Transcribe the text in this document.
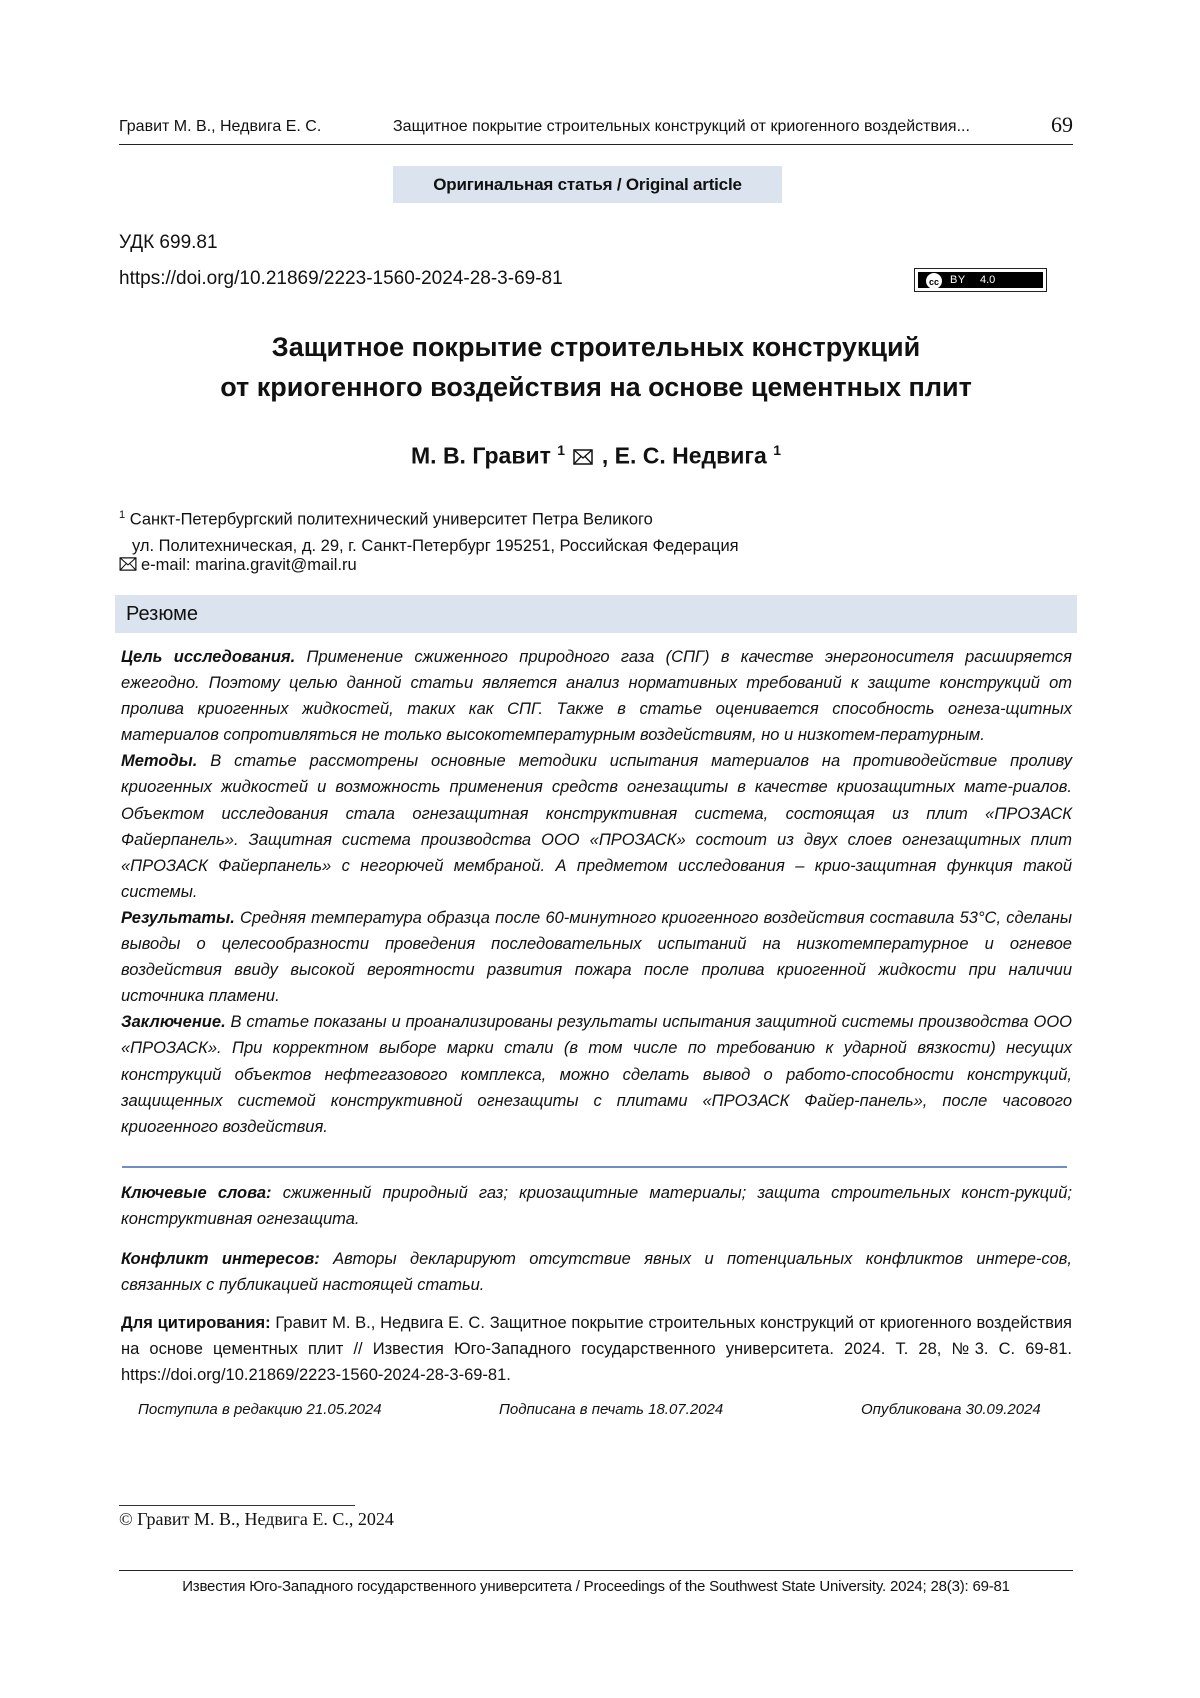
Гравит М. В., Недвига Е. С.	Защитное покрытие строительных конструкций от криогенного воздействия...	69
Оригинальная статья / Original article
УДК 699.81
https://doi.org/10.21869/2223-1560-2024-28-3-69-81	cc BY 4.0
Защитное покрытие строительных конструкций
от криогенного воздействия на основе цементных плит
М. В. Гравит $^1$ , Е. С. Недвига $^1$
$^1$ Санкт-Петербургский политехнический университет Петра Великого
ул. Политехническая, д. 29, г. Санкт-Петербург 195251, Российская Федерация
e-mail: marina.gravit@mail.ru
Резюме

Цель исследования. Применение сжиженного природного газа (СПГ) в качестве энергоносителя расширяется ежегодно. Поэтому целью данной статьи является анализ нормативных требований к защите конструкций от пролива криогенных жидкостей, таких как СПГ. Также в статье оценивается способность огнеза-щитных материалов сопротивляться не только высокотемпературным воздействиям, но и низкотем-пературным.

Методы. В статье рассмотрены основные методики испытания материалов на противодействие проливу криогенных жидкостей и возможность применения средств огнезащиты в качестве криозащитных мате-риалов. Объектом исследования стала огнезащитная конструктивная система, состоящая из плит «ПРОЗАСК Файерпанель». Защитная система производства ООО «ПРОЗАСК» состоит из двух слоев огнезащитных плит «ПРОЗАСК Файерпанель» с негорючей мембраной. А предметом исследования – крио-защитная функция такой системы.

Результаты. Средняя температура образца после 60-минутного криогенного воздействия составила 53°С, сделаны выводы о целесообразности проведения последовательных испытаний на низкотемпературное и огневое воздействия ввиду высокой вероятности развития пожара после пролива криогенной жидкости при наличии источника пламени.

Заключение. В статье показаны и проанализированы результаты испытания защитной системы производства ООО «ПРОЗАСК». При корректном выборе марки стали (в том числе по требованию к ударной вязкости) несущих конструкций объектов нефтегазового комплекса, можно сделать вывод о работо-способности конструкций, защищенных системой конструктивной огнезащиты с плитами «ПРОЗАСК Файер-панель», после часового криогенного воздействия.

Ключевые слова: сжиженный природный газ; криозащитные материалы; защита строительных конст-рукций; конструктивная огнезащита.
Конфликт интересов: Авторы декларируют отсутствие явных и потенциальных конфликтов интере-сов, связанных с публикацией настоящей статьи.
Для цитирования: Гравит М. В., Недвига Е. С. Защитное покрытие строительных конструкций от криогенного воздействия на основе цементных плит // Известия Юго-Западного государственного университета. 2024. Т. 28, №3. С. 69-81. https://doi.org/10.21869/2223-1560-2024-28-3-69-81.
Поступила в редакцию 21.05.2024	Подписана в печать 18.07.2024	Опубликована 30.09.2024
© Гравит М. В., Недвига Е. С., 2024
Известия Юго-Западного государственного университета / Proceedings of the Southwest State University. 2024; 28(3): 69-81
